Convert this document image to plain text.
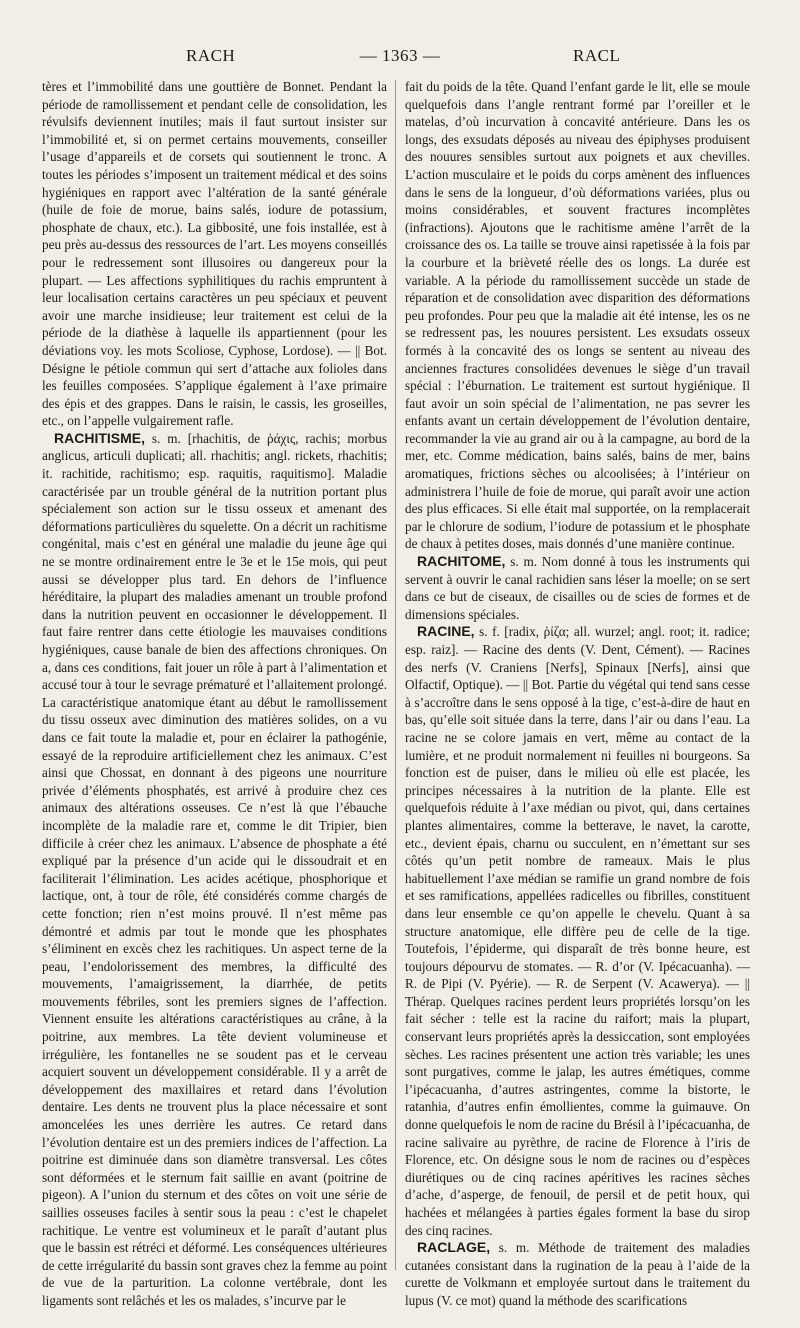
RACH	— 1363 —	RACL

tères et l’immobilité dans une gouttière de Bonnet. Pendant la période de ramollissement et pendant celle de consolidation, les révulsifs deviennent inutiles; mais il faut surtout insister sur l’immobilité et, si on permet certains mouvements, conseiller l’usage d’appareils et de corsets qui soutiennent le tronc. A toutes les périodes s’imposent un traitement médical et des soins hygiéniques en rapport avec l’altération de la santé générale (huile de foie de morue, bains salés, iodure de potassium, phosphate de chaux, etc.). La gibbosité, une fois installée, est à peu près au-dessus des ressources de l’art. Les moyens conseillés pour le redressement sont illusoires ou dangereux pour la plupart. — Les affections syphilitiques du rachis empruntent à leur localisation certains caractères un peu spéciaux et peuvent avoir une marche insidieuse; leur traitement est celui de la période de la diathèse à laquelle ils appartiennent (pour les déviations voy. les mots Scoliose, Cyphose, Lordose). — || Bot. Désigne le pétiole commun qui sert d’attache aux folioles dans les feuilles composées. S’applique également à l’axe primaire des épis et des grappes. Dans le raisin, le cassis, les groseilles, etc., on l’appelle vulgairement rafle.

RACHITISME, s. m. [rhachitis, de ῥάχις, rachis; morbus anglicus, articuli duplicati; all. rhachitis; angl. rickets, rhachitis; it. rachitide, rachitismo; esp. raquitis, raquitismo]. Maladie caractérisée par un trouble général de la nutrition portant plus spécialement son action sur le tissu osseux et amenant des déformations particulières du squelette. On a décrit un rachitisme congénital, mais c’est en général une maladie du jeune âge qui ne se montre ordinairement entre le 3e et le 15e mois, qui peut aussi se développer plus tard. En dehors de l’influence héréditaire, la plupart des maladies amenant un trouble profond dans la nutrition peuvent en occasionner le développement. Il faut faire rentrer dans cette étiologie les mauvaises conditions hygiéniques, cause banale de bien des affections chroniques. On a, dans ces conditions, fait jouer un rôle à part à l’alimentation et accusé tour à tour le sevrage prématuré et l’allaitement prolongé. La caractéristique anatomique étant au début le ramollissement du tissu osseux avec diminution des matières solides, on a vu dans ce fait toute la maladie et, pour en éclairer la pathogénie, essayé de la reproduire artificiellement chez les animaux. C’est ainsi que Chossat, en donnant à des pigeons une nourriture privée d’éléments phosphatés, est arrivé à produire chez ces animaux des altérations osseuses. Ce n’est là que l’ébauche incomplète de la maladie rare et, comme le dit Tripier, bien difficile à créer chez les animaux. L’absence de phosphate a été expliqué par la présence d’un acide qui le dissoudrait et en faciliterait l’élimination. Les acides acétique, phosphorique et lactique, ont, à tour de rôle, été considérés comme chargés de cette fonction; rien n’est moins prouvé. Il n’est même pas démontré et admis par tout le monde que les phosphates s’éliminent en excès chez les rachitiques. Un aspect terne de la peau, l’endolorissement des membres, la difficulté des mouvements, l’amaigrissement, la diarrhée, de petits mouvements fébriles, sont les premiers signes de l’affection. Viennent ensuite les altérations caractéristiques au crâne, à la poitrine, aux membres. La tête devient volumineuse et irrégulière, les fontanelles ne se soudent pas et le cerveau acquiert souvent un développement considérable. Il y a arrêt de développement des maxillaires et retard dans l’évolution dentaire. Les dents ne trouvent plus la place nécessaire et sont amoncelées les unes derrière les autres. Ce retard dans l’évolution dentaire est un des premiers indices de l’affection. La poitrine est diminuée dans son diamètre transversal. Les côtes sont déformées et le sternum fait saillie en avant (poitrine de pigeon). A l’union du sternum et des côtes on voit une série de saillies osseuses faciles à sentir sous la peau : c’est le chapelet rachitique. Le ventre est volumineux et le paraît d’autant plus que le bassin est rétréci et déformé. Les conséquences ultérieures de cette irrégularité du bassin sont graves chez la femme au point de vue de la parturition. La colonne vertébrale, dont les ligaments sont relâchés et les os malades, s’incurve par le

fait du poids de la tête. Quand l’enfant garde le lit, elle se moule quelquefois dans l’angle rentrant formé par l’oreiller et le matelas, d’où incurvation à concavité antérieure. Dans les os longs, des exsudats déposés au niveau des épiphyses produisent des nouures sensibles surtout aux poignets et aux chevilles. L’action musculaire et le poids du corps amènent des influences dans le sens de la longueur, d’où déformations variées, plus ou moins considérables, et souvent fractures incomplètes (infractions). Ajoutons que le rachitisme amène l’arrêt de la croissance des os. La taille se trouve ainsi rapetissée à la fois par la courbure et la brièveté réelle des os longs. La durée est variable. A la période du ramollissement succède un stade de réparation et de consolidation avec disparition des déformations peu profondes. Pour peu que la maladie ait été intense, les os ne se redressent pas, les nouures persistent. Les exsudats osseux formés à la concavité des os longs se sentent au niveau des anciennes fractures consolidées devenues le siège d’un travail spécial : l’éburnation. Le traitement est surtout hygiénique. Il faut avoir un soin spécial de l’alimentation, ne pas sevrer les enfants avant un certain développement de l’évolution dentaire, recommander la vie au grand air ou à la campagne, au bord de la mer, etc. Comme médication, bains salés, bains de mer, bains aromatiques, frictions sèches ou alcoolisées; à l’intérieur on administrera l’huile de foie de morue, qui paraît avoir une action des plus efficaces. Si elle était mal supportée, on la remplacerait par le chlorure de sodium, l’iodure de potassium et le phosphate de chaux à petites doses, mais donnés d’une manière continue.

RACHITOME, s. m. Nom donné à tous les instruments qui servent à ouvrir le canal rachidien sans léser la moelle; on se sert dans ce but de ciseaux, de cisailles ou de scies de formes et de dimensions spéciales.

RACINE, s. f. [radix, ῥίζα; all. wurzel; angl. root; it. radice; esp. raiz]. — Racine des dents (V. Dent, Cément). — Racines des nerfs (V. Craniens [Nerfs], Spinaux [Nerfs], ainsi que Olfactif, Optique). — || Bot. Partie du végétal qui tend sans cesse à s’accroître dans le sens opposé à la tige, c’est-à-dire de haut en bas, qu’elle soit située dans la terre, dans l’air ou dans l’eau. La racine ne se colore jamais en vert, même au contact de la lumière, et ne produit normalement ni feuilles ni bourgeons. Sa fonction est de puiser, dans le milieu où elle est placée, les principes nécessaires à la nutrition de la plante. Elle est quelquefois réduite à l’axe médian ou pivot, qui, dans certaines plantes alimentaires, comme la betterave, le navet, la carotte, etc., devient épais, charnu ou succulent, en n’émettant sur ses côtés qu’un petit nombre de rameaux. Mais le plus habituellement l’axe médian se ramifie un grand nombre de fois et ses ramifications, appellées radicelles ou fibrilles, constituent dans leur ensemble ce qu’on appelle le chevelu. Quant à sa structure anatomique, elle diffère peu de celle de la tige. Toutefois, l’épiderme, qui disparaît de très bonne heure, est toujours dépourvu de stomates. — R. d’or (V. Ipécacuanha). — R. de Pipi (V. Pyérie). — R. de Serpent (V. Acawerya). — || Thérap. Quelques racines perdent leurs propriétés lorsqu’on les fait sécher : telle est la racine du raifort; mais la plupart, conservant leurs propriétés après la dessiccation, sont employées sèches. Les racines présentent une action très variable; les unes sont purgatives, comme le jalap, les autres émétiques, comme l’ipécacuanha, d’autres astringentes, comme la bistorte, le ratanhia, d’autres enfin émollientes, comme la guimauve. On donne quelquefois le nom de racine du Brésil à l’ipécacuanha, de racine salivaire au pyrèthre, de racine de Florence à l’iris de Florence, etc. On désigne sous le nom de racines ou d’espèces diurétiques ou de cinq racines apéritives les racines sèches d’ache, d’asperge, de fenouil, de persil et de petit houx, qui hachées et mélangées à parties égales forment la base du sirop des cinq racines.

RACLAGE, s. m. Méthode de traitement des maladies cutanées consistant dans la rugination de la peau à l’aide de la curette de Volkmann et employée surtout dans le traitement du lupus (V. ce mot) quand la méthode des scarifications
